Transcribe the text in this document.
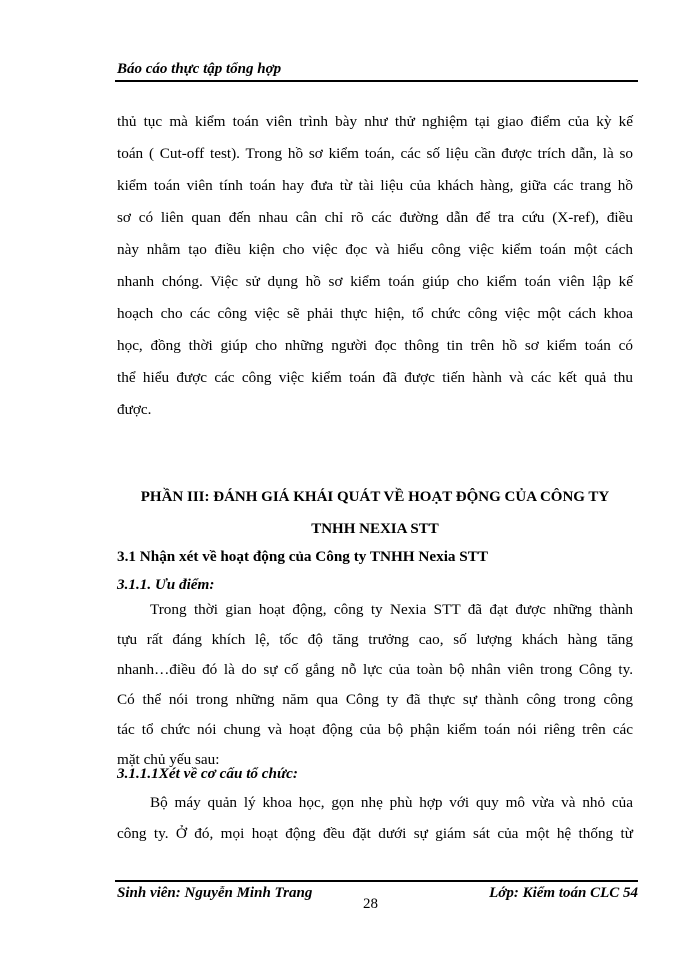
Báo cáo thực tập tổng hợp
thủ tục mà kiểm toán viên trình bày như thử nghiệm tại giao điểm của kỳ kế
toán ( Cut-off test). Trong hồ sơ kiểm toán, các số liệu cần được trích dẫn, là so
kiểm toán viên tính toán hay đưa từ tài liệu của khách hàng, giữa các trang hồ
sơ có liên quan đến nhau cân chỉ rõ các đường dẫn để tra cứu (X-ref), điều
này nhằm tạo điều kiện cho việc đọc và hiểu công việc kiểm toán một cách
nhanh chóng. Việc sử dụng hồ sơ kiểm toán giúp cho kiểm toán viên lập kế
hoạch cho các công việc sẽ phải thực hiện, tổ chức công việc một cách khoa
học, đồng thời giúp cho những người đọc thông tin trên hồ sơ kiểm toán có
thể hiểu được các công việc kiểm toán đã được tiến hành và các kết quả thu
được.
PHẦN III: ĐÁNH GIÁ KHÁI QUÁT VỀ HOẠT ĐỘNG CỦA CÔNG TY
TNHH NEXIA STT
3.1 Nhận xét về hoạt động của Công ty TNHH Nexia STT
3.1.1. Ưu điểm:
Trong thời gian hoạt động, công ty Nexia STT đã đạt được những thành
tựu rất đáng khích lệ, tốc độ tăng trưởng cao, số lượng khách hàng tăng
nhanh…điều đó là do sự cố gắng nỗ lực của toàn bộ nhân viên trong Công ty.
Có thể nói trong những năm qua Công ty đã thực sự thành công trong công
tác tổ chức nói chung và hoạt động của bộ phận kiểm toán nói riêng trên các
mặt chủ yếu sau:
3.1.1.1Xét về cơ cấu tổ chức:
Bộ máy quản lý khoa học, gọn nhẹ phù hợp với quy mô vừa và nhỏ của
công ty. Ở đó, mọi hoạt động đều đặt dưới sự giám sát của một hệ thống từ
Sinh viên: Nguyễn Minh Trang
28
Lớp: Kiểm toán CLC 54
